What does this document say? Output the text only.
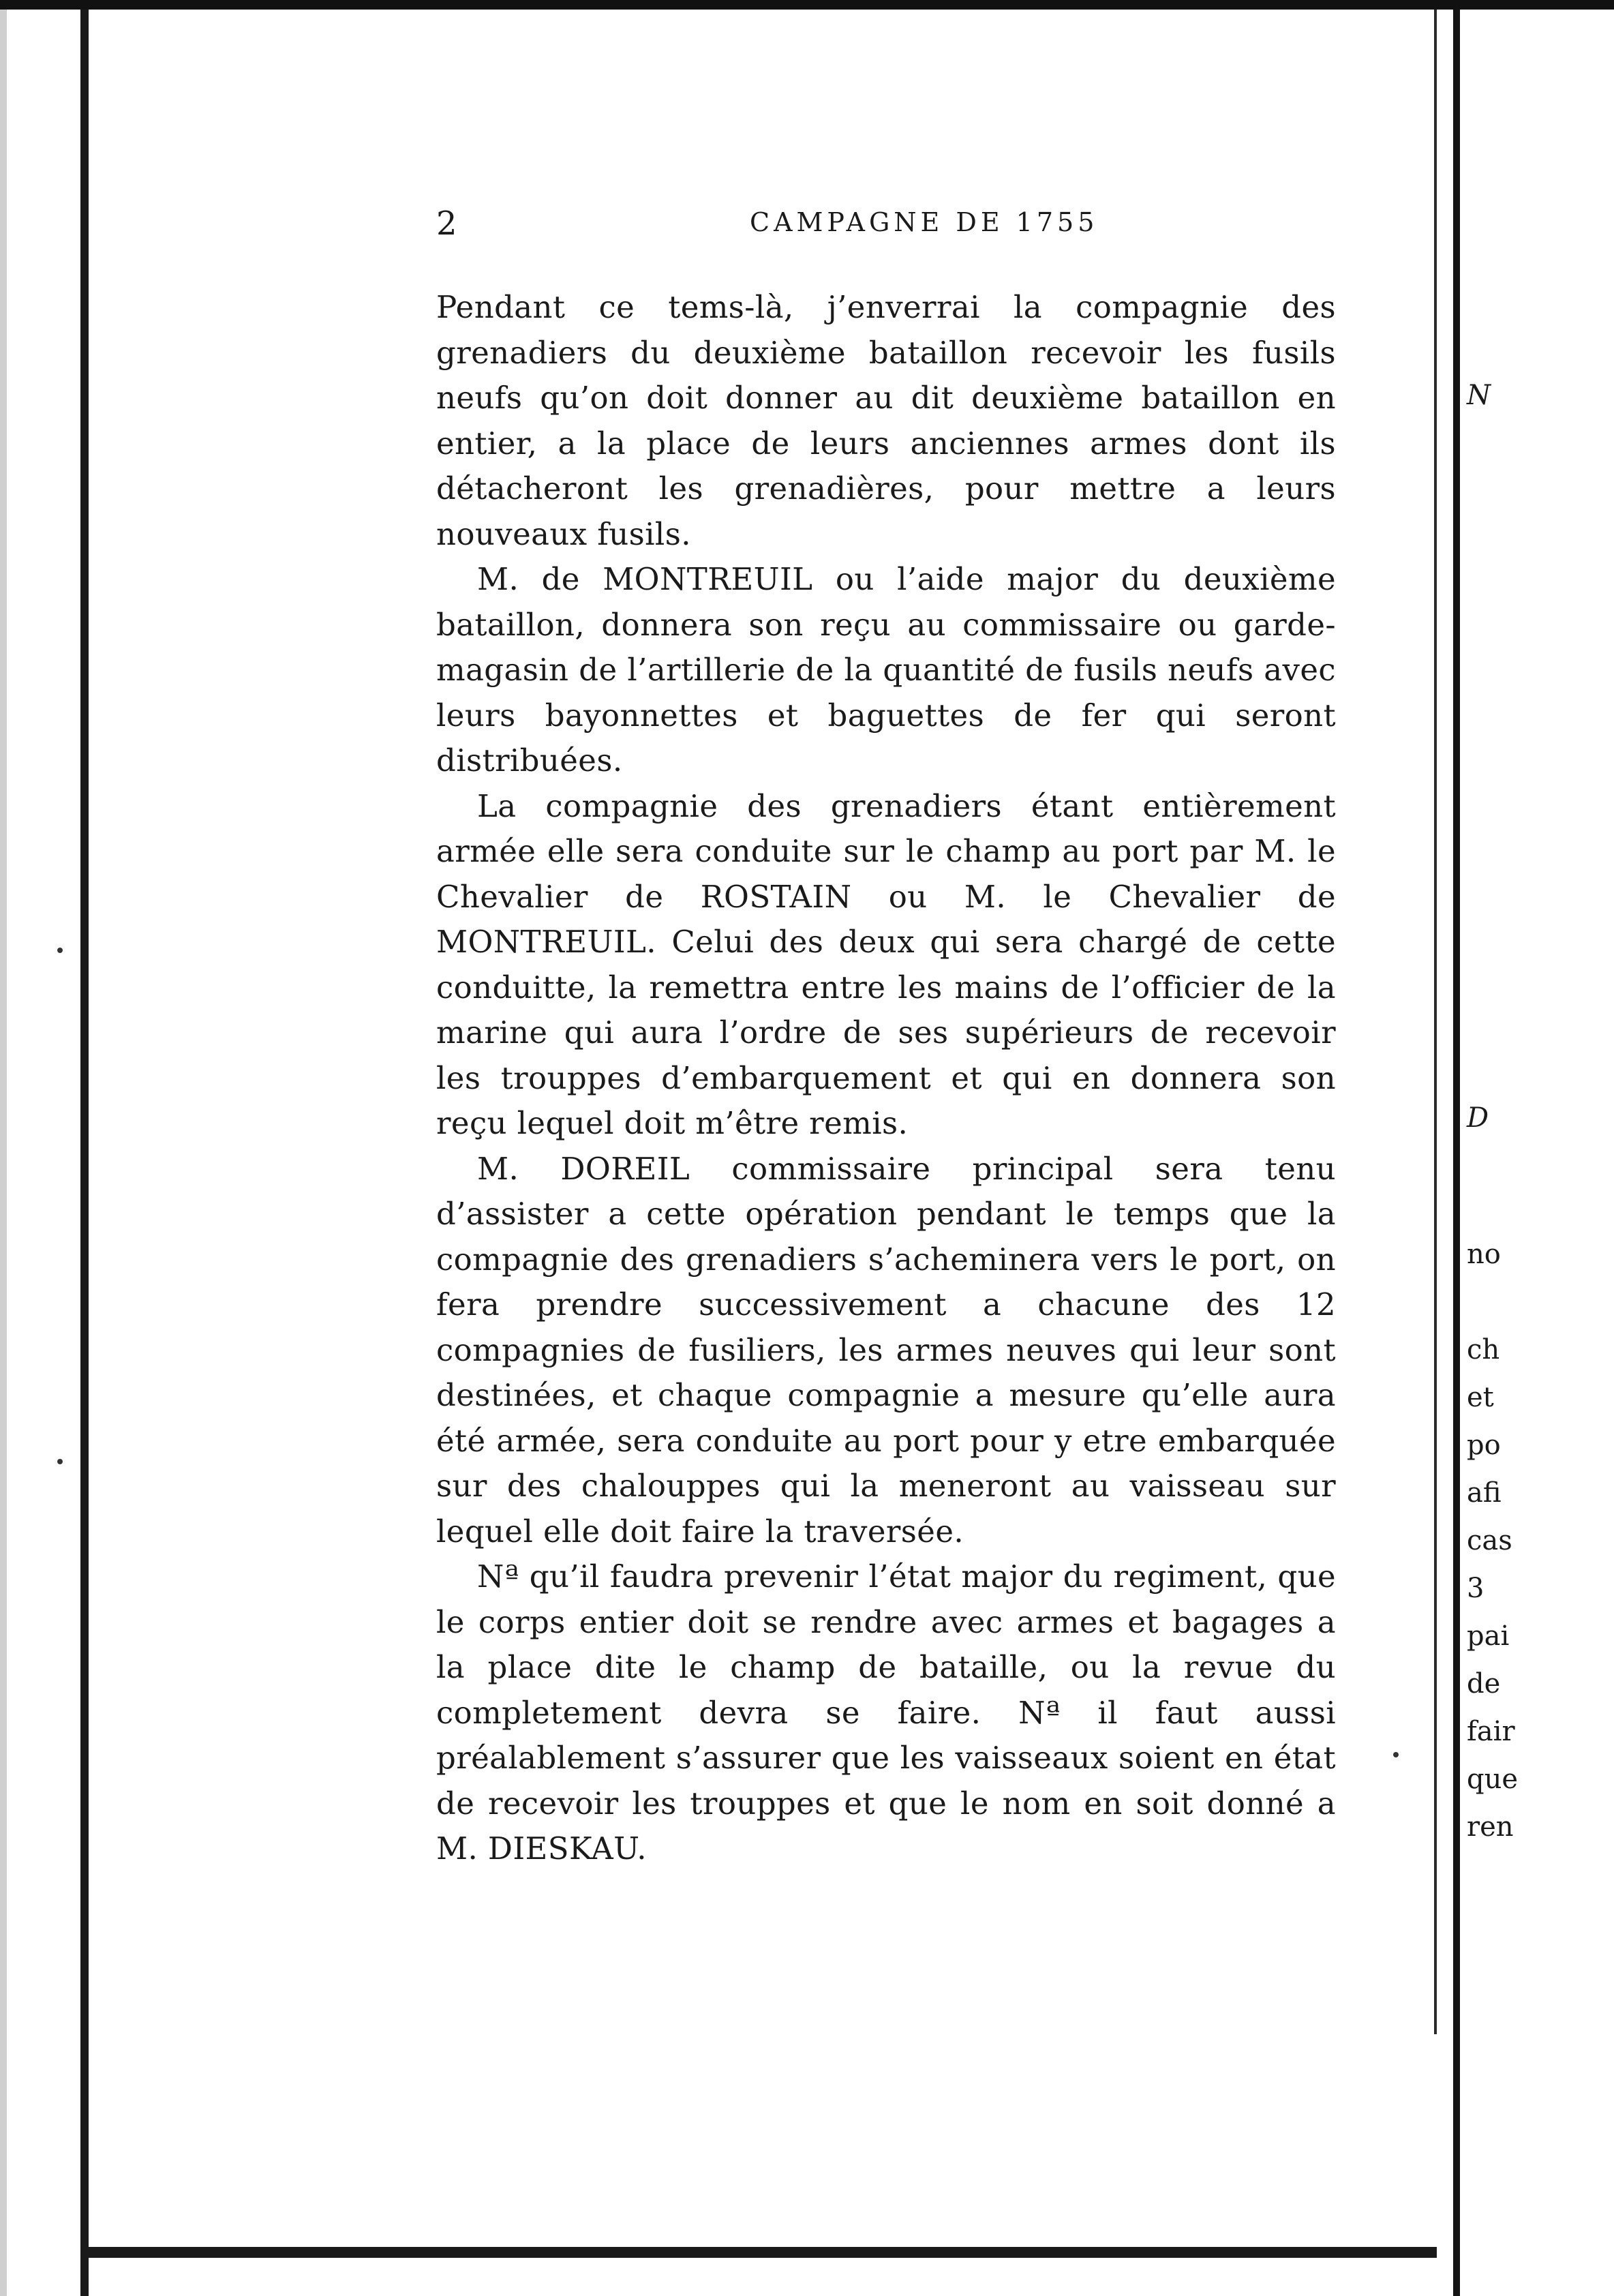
N
D
no
ch
et
po
afi
cas
3
pai
de
fair
que
ren
2	CAMPAGNE DE 1755

Pendant ce tems-là, j’enverrai la compagnie des grenadiers du deuxième bataillon recevoir les fusils neufs qu’on doit donner au dit deuxième bataillon en entier, a la place de leurs anciennes armes dont ils détacheront les grenadières, pour mettre a leurs nouveaux fusils.

M. de MONTREUIL ou l’aide major du deuxième bataillon, donnera son reçu au commissaire ou garde-magasin de l’artillerie de la quantité de fusils neufs avec leurs bayonnettes et baguettes de fer qui seront distribuées.

La compagnie des grenadiers étant entièrement armée elle sera conduite sur le champ au port par M. le Chevalier de ROSTAIN ou M. le Chevalier de MONTREUIL. Celui des deux qui sera chargé de cette conduitte, la remettra entre les mains de l’officier de la marine qui aura l’ordre de ses supérieurs de recevoir les trouppes d’embarquement et qui en donnera son reçu lequel doit m’être remis.

M. DOREIL commissaire principal sera tenu d’assister a cette opération pendant le temps que la compagnie des grenadiers s’acheminera vers le port, on fera prendre successivement a chacune des 12 compagnies de fusiliers, les armes neuves qui leur sont destinées, et chaque compagnie a mesure qu’elle aura été armée, sera conduite au port pour y etre embarquée sur des chalouppes qui la meneront au vaisseau sur lequel elle doit faire la traversée.

Nª qu’il faudra prevenir l’état major du regiment, que le corps entier doit se rendre avec armes et bagages a la place dite le champ de bataille, ou la revue du completement devra se faire. Nª il faut aussi préalablement s’assurer que les vaisseaux soient en état de recevoir les trouppes et que le nom en soit donné a M. DIESKAU.
